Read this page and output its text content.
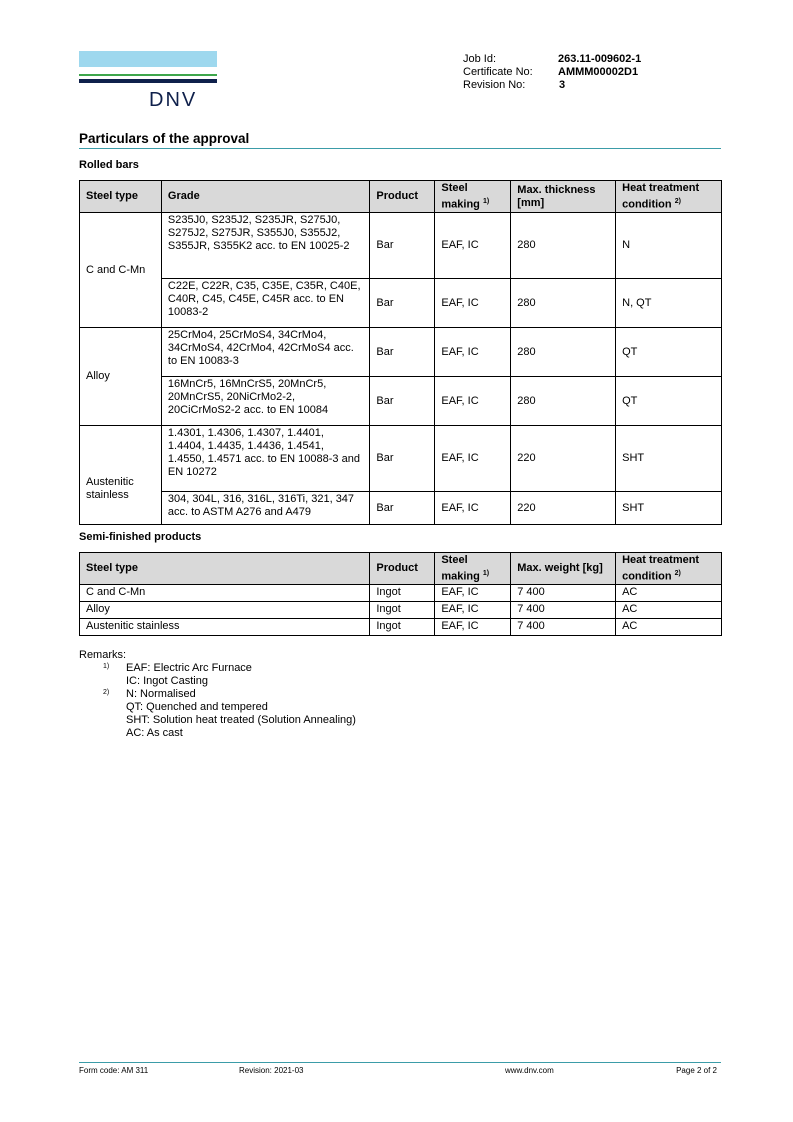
DNV
Job Id:	263.11-009602-1
Certificate No:	AMMM00002D1
Revision No:	3
Particulars of the approval
Rolled bars
Steel type	Grade	Product	Steel making $^{1)}$	Max. thickness [mm]	Heat treatment condition $^{2)}$
C and C-Mn	S235J0, S235J2, S235JR, S275J0, S275J2, S275JR, S355J0, S355J2, S355JR, S355K2 acc. to EN 10025-2	Bar	EAF, IC	280	N
	C22E, C22R, C35, C35E, C35R, C40E, C40R, C45, C45E, C45R acc. to EN 10083-2	Bar	EAF, IC	280	N, QT
Alloy	25CrMo4, 25CrMoS4, 34CrMo4, 34CrMoS4, 42CrMo4, 42CrMoS4 acc. to EN 10083-3	Bar	EAF, IC	280	QT
	16MnCr5, 16MnCrS5, 20MnCr5, 20MnCrS5, 20NiCrMo2-2, 20CiCrMoS2-2 acc. to EN 10084	Bar	EAF, IC	280	QT
Austenitic stainless	1.4301, 1.4306, 1.4307, 1.4401, 1.4404, 1.4435, 1.4436, 1.4541, 1.4550, 1.4571 acc. to EN 10088-3 and EN 10272	Bar	EAF, IC	220	SHT
	304, 304L, 316, 316L, 316Ti, 321, 347 acc. to ASTM A276 and A479	Bar	EAF, IC	220	SHT
Semi-finished products
Steel type	Product	Steel making $^{1)}$	Max. weight [kg]	Heat treatment condition $^{2)}$
C and C-Mn	Ingot	EAF, IC	7 400	AC
Alloy	Ingot	EAF, IC	7 400	AC
Austenitic stainless	Ingot	EAF, IC	7 400	AC
Remarks:
1)	EAF: Electric Arc Furnace
IC: Ingot Casting
2)	N: Normalised
QT: Quenched and tempered
SHT: Solution heat treated (Solution Annealing)
AC: As cast
Form code: AM 311	Revision: 2021-03	www.dnv.com	Page 2 of 2
